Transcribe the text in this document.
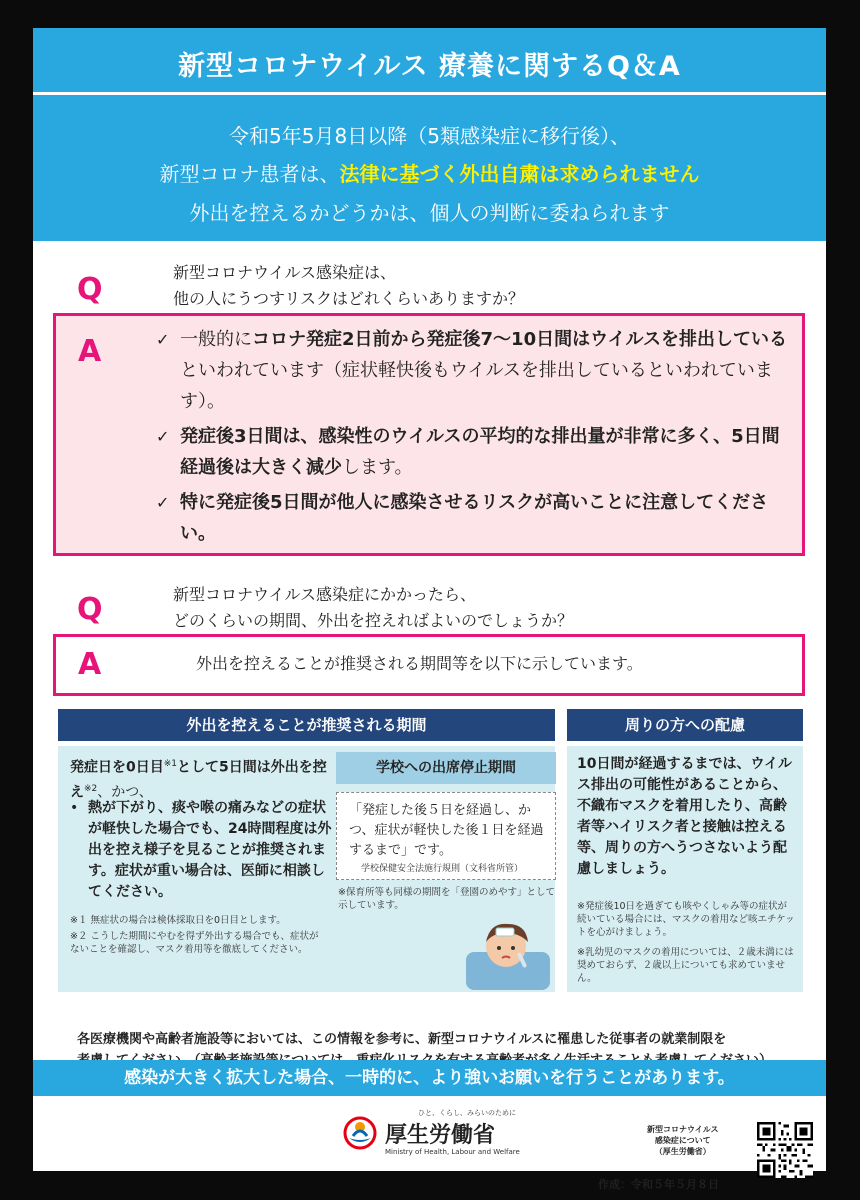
新型コロナウイルス 療養に関するQ＆A
令和5年5月8日以降（5類感染症に移行後）、
新型コロナ患者は、法律に基づく外出自粛は求められません
外出を控えるかどうかは、個人の判断に委ねられます
Q	新型コロナウイルス感染症は、
他の人にうつすリスクはどれくらいありますか？
A	✓ 一般的にコロナ発症2日前から発症後7～10日間はウイルスを排出しているといわれています（症状軽快後もウイルスを排出しているといわれています）。
✓ 発症後3日間は、感染性のウイルスの平均的な排出量が非常に多く、5日間経過後は大きく減少します。
✓ 特に発症後5日間が他人に感染させるリスクが高いことに注意してください。
Q	新型コロナウイルス感染症にかかったら、
どのくらいの期間、外出を控えればよいのでしょうか？
A	外出を控えることが推奨される期間等を以下に示しています。
外出を控えることが推奨される期間	周りの方への配慮
発症日を0日目$^{※1}$として5日間は外出を控え$^{※2}$、かつ、
• 熱が下がり、痰や喉の痛みなどの症状が軽快した場合でも、24時間程度は外出を控え様子を見ることが推奨されます。症状が重い場合は、医師に相談してください。
※１ 無症状の場合は検体採取日を0日目とします。
※２ こうした期間にやむを得ず外出する場合でも、症状がないことを確認し、マスク着用等を徹底してください。
学校への出席停止期間
「発症した後５日を経過し、かつ、症状が軽快した後１日を経過するまで」です。
学校保健安全法施行規則（文科省所管）
※保育所等も同様の期間を「登園のめやす」として示しています。
10日間が経過するまでは、ウイルス排出の可能性があることから、不織布マスクを着用したり、高齢者等ハイリスク者と接触は控える等、周りの方へうつさないよう配慮しましょう。
※発症後10日を過ぎても咳やくしゃみ等の症状が続いている場合には、マスクの着用など咳エチケットを心がけましょう。
※乳幼児のマスクの着用については、２歳未満には奨めておらず、２歳以上についても求めていません。
各医療機関や高齢者施設等においては、この情報を参考に、新型コロナウイルスに罹患した従事者の就業制限を
感染が大きく拡大した場合、一時的に、より強いお願いを行うことがあります。
ひと、くらし、みらいのために
厚生労働省
Ministry of Health, Labour and Welfare
新型コロナウイルス
感染症について
（厚生労働省）
作成：令和５年５月８日
